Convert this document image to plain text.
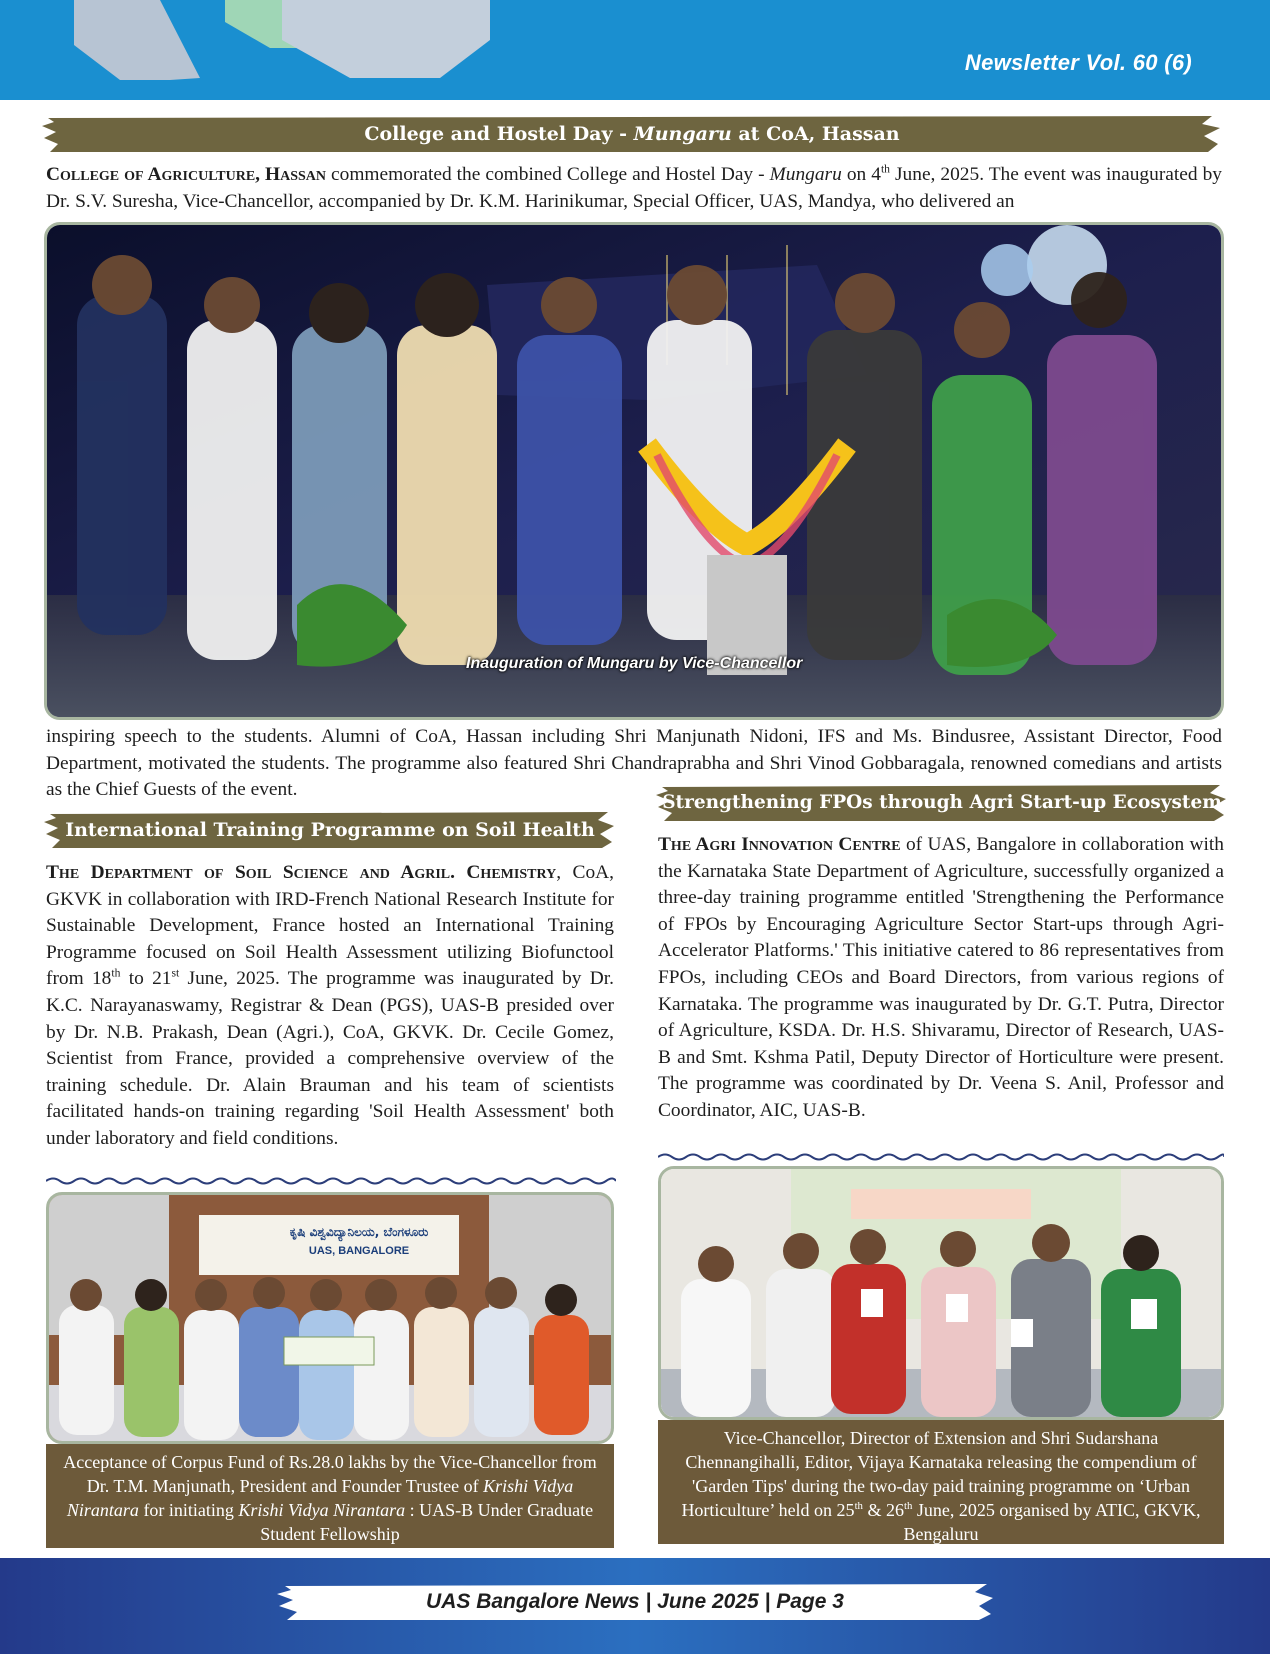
Newsletter Vol. 60 (6)
College and Hostel Day - Mungaru at CoA, Hassan
College of Agriculture, Hassan commemorated the combined College and Hostel Day - Mungaru on 4th June, 2025. The event was inaugurated by Dr. S.V. Suresha, Vice-Chancellor, accompanied by Dr. K.M. Harinikumar, Special Officer, UAS, Mandya, who delivered an
Inauguration of Mungaru by Vice-Chancellor
inspiring speech to the students. Alumni of CoA, Hassan including Shri Manjunath Nidoni, IFS and Ms. Bindusree, Assistant Director, Food Department, motivated the students. The programme also featured Shri Chandraprabha and Shri Vinod Gobbaragala, renowned comedians and artists as the Chief Guests of the event.
International Training Programme on Soil Health
The Department of Soil Science and Agril. Chemistry, CoA, GKVK in collaboration with IRD-French National Research Institute for Sustainable Development, France hosted an International Training Programme focused on Soil Health Assessment utilizing Biofunctool from 18th to 21st June, 2025. The programme was inaugurated by Dr. K.C. Narayanaswamy, Registrar & Dean (PGS), UAS-B presided over by Dr. N.B. Prakash, Dean (Agri.), CoA, GKVK. Dr. Cecile Gomez, Scientist from France, provided a comprehensive overview of the training schedule. Dr. Alain Brauman and his team of scientists facilitated hands-on training regarding 'Soil Health Assessment' both under laboratory and field conditions.
ಕೃಷಿ ವಿಶ್ವವಿದ್ಯಾನಿಲಯ, ಬೆಂಗಳೂರು
UAS, BANGALORE
Acceptance of Corpus Fund of Rs.28.0 lakhs by the Vice-Chancellor from Dr. T.M. Manjunath, President and Founder Trustee of Krishi Vidya Nirantara for initiating Krishi Vidya Nirantara : UAS-B Under Graduate Student Fellowship
Strengthening FPOs through Agri Start-up Ecosystem
The Agri Innovation Centre of UAS, Bangalore in collaboration with the Karnataka State Department of Agriculture, successfully organized a three-day training programme entitled 'Strengthening the Performance of FPOs by Encouraging Agriculture Sector Start-ups through Agri-Accelerator Platforms.' This initiative catered to 86 representatives from FPOs, including CEOs and Board Directors, from various regions of Karnataka. The programme was inaugurated by Dr. G.T. Putra, Director of Agriculture, KSDA. Dr. H.S. Shivaramu, Director of Research, UAS-B and Smt. Kshma Patil, Deputy Director of Horticulture were present. The programme was coordinated by Dr. Veena S. Anil, Professor and Coordinator, AIC, UAS-B.
Vice-Chancellor, Director of Extension and Shri Sudarshana Chennangihalli, Editor, Vijaya Karnataka releasing the compendium of 'Garden Tips' during the two-day paid training programme on ‘Urban Horticulture’ held on 25th & 26th June, 2025 organised by ATIC, GKVK, Bengaluru
UAS Bangalore News | June 2025 | Page 3
